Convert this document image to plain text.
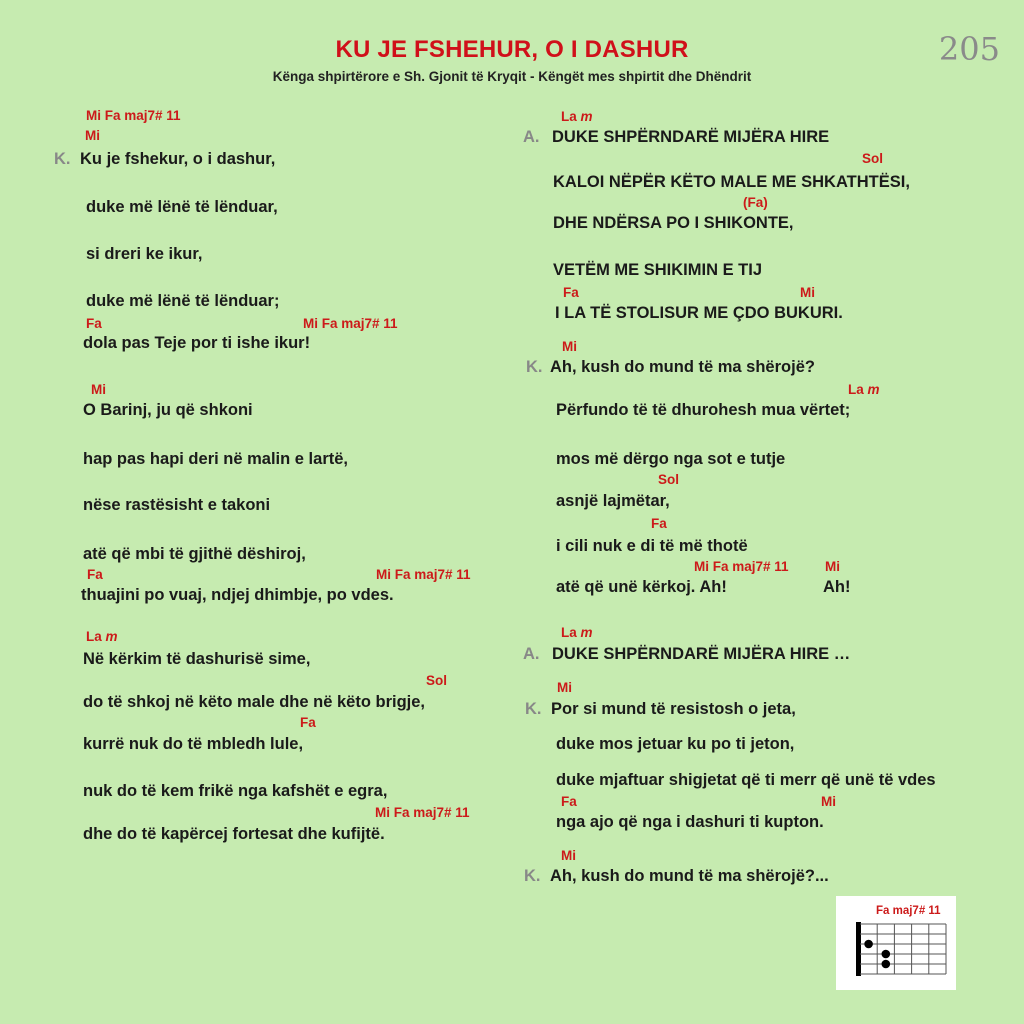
KU JE FSHEHUR, O I DASHUR
Kënga shpirtërore e Sh. Gjonit të Kryqit - Këngët mes shpirtit dhe Dhëndrit
205
Mi Fa maj7# 11
Mi
K. Ku je fshekur, o i dashur,
duke më lënë të lënduar,
si dreri ke ikur,
duke më lënë të lënduar;
Fa	Mi Fa maj7# 11
dola pas Teje por ti ishe ikur!
Mi
O Barinj, ju që shkoni
hap pas hapi deri në malin e lartë,
nëse rastësisht e takoni
atë që mbi të gjithë dëshiroj,
Fa	Mi Fa maj7# 11
thuajini po vuaj, ndjej dhimbje, po vdes.
La m
Në kërkim të dashurisë sime,
Sol
do të shkoj në këto male dhe në këto brigje,
Fa
kurrë nuk do të mbledh lule,
nuk do të kem frikë nga kafshët e egra,
Mi Fa maj7# 11
dhe do të kapërcej fortesat dhe kufijtë.
La m
A. DUKE SHPËRNDARË MIJËRA HIRE
Sol
KALOI NËPËR KËTO MALE ME SHKATHTËSI,
(Fa)
DHE NDËRSA PO I SHIKONTE,
VETËM ME SHIKIMIN E TIJ
Fa	Mi
I LA TË STOLISUR ME ÇDO BUKURI.
Mi
K. Ah, kush do mund të ma shërojë?
La m
Përfundo të të dhurohesh mua vërtet;
mos më dërgo nga sot e tutje
Sol
asnjë lajmëtar,
Fa
i cili nuk e di të më thotë
Mi Fa maj7# 11	Mi
atë që unë kërkoj. Ah!	Ah!
La m
A. DUKE SHPËRNDARË MIJËRA HIRE …
Mi
K. Por si mund të resistosh o jeta,
duke mos jetuar ku po ti jeton,
duke mjaftuar shigjetat që ti merr që unë të vdes
Fa	Mi
nga ajo që nga i dashuri ti kupton.
Mi
K. Ah, kush do mund të ma shërojë?...
Fa maj7# 11
